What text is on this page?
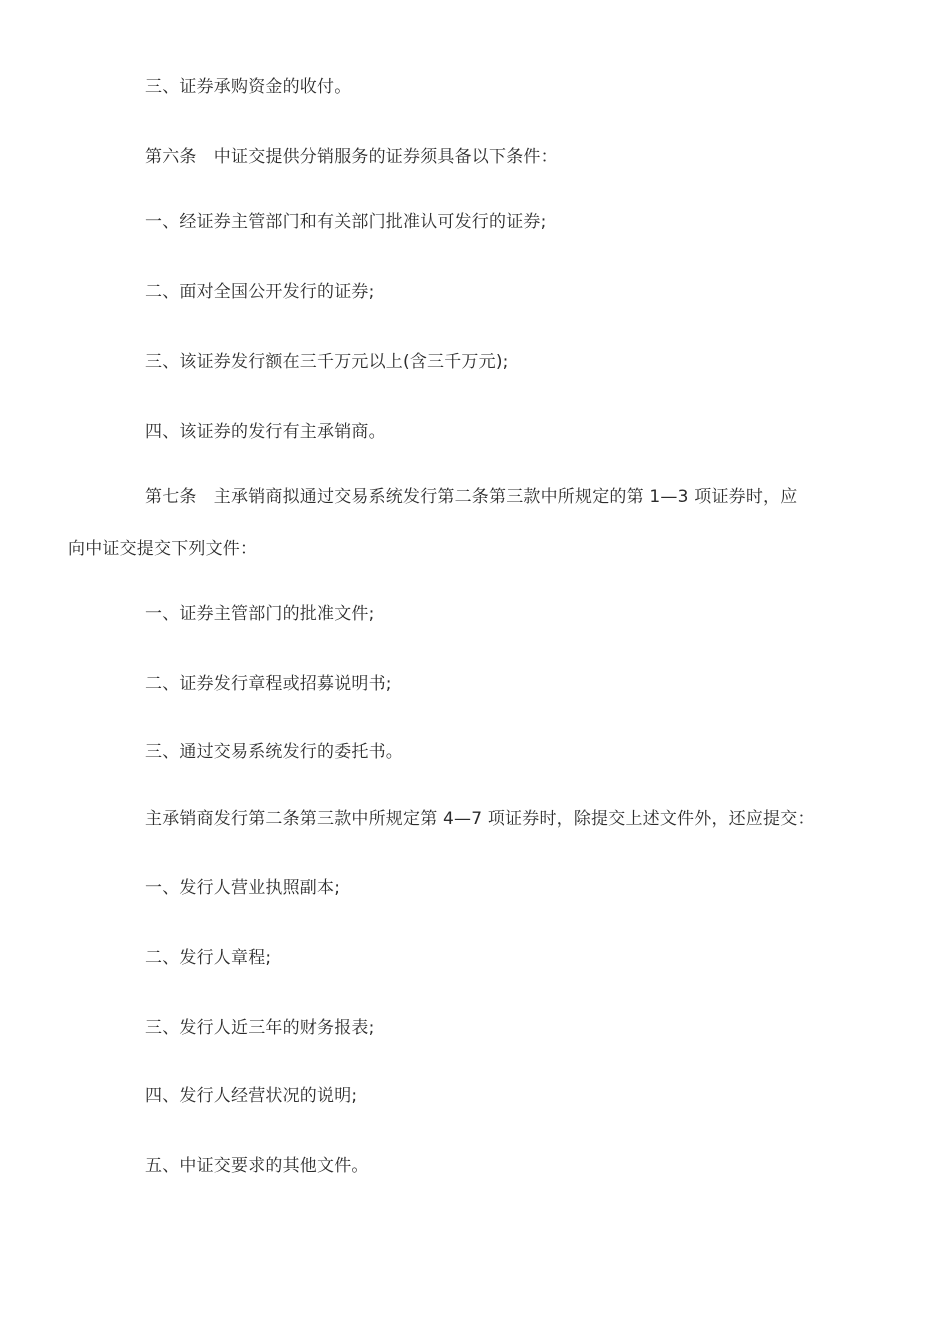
三、证券承购资金的收付。

第六条　中证交提供分销服务的证券须具备以下条件：

一、经证券主管部门和有关部门批准认可发行的证券;

二、面对全国公开发行的证券;

三、该证券发行额在三千万元以上(含三千万元);

四、该证券的发行有主承销商。

第七条　主承销商拟通过交易系统发行第二条第三款中所规定的第 1—3 项证券时，应

向中证交提交下列文件：

一、证券主管部门的批准文件;

二、证券发行章程或招募说明书;

三、通过交易系统发行的委托书。

主承销商发行第二条第三款中所规定第 4—7 项证券时，除提交上述文件外，还应提交：

一、发行人营业执照副本;

二、发行人章程;

三、发行人近三年的财务报表;

四、发行人经营状况的说明;

五、中证交要求的其他文件。
